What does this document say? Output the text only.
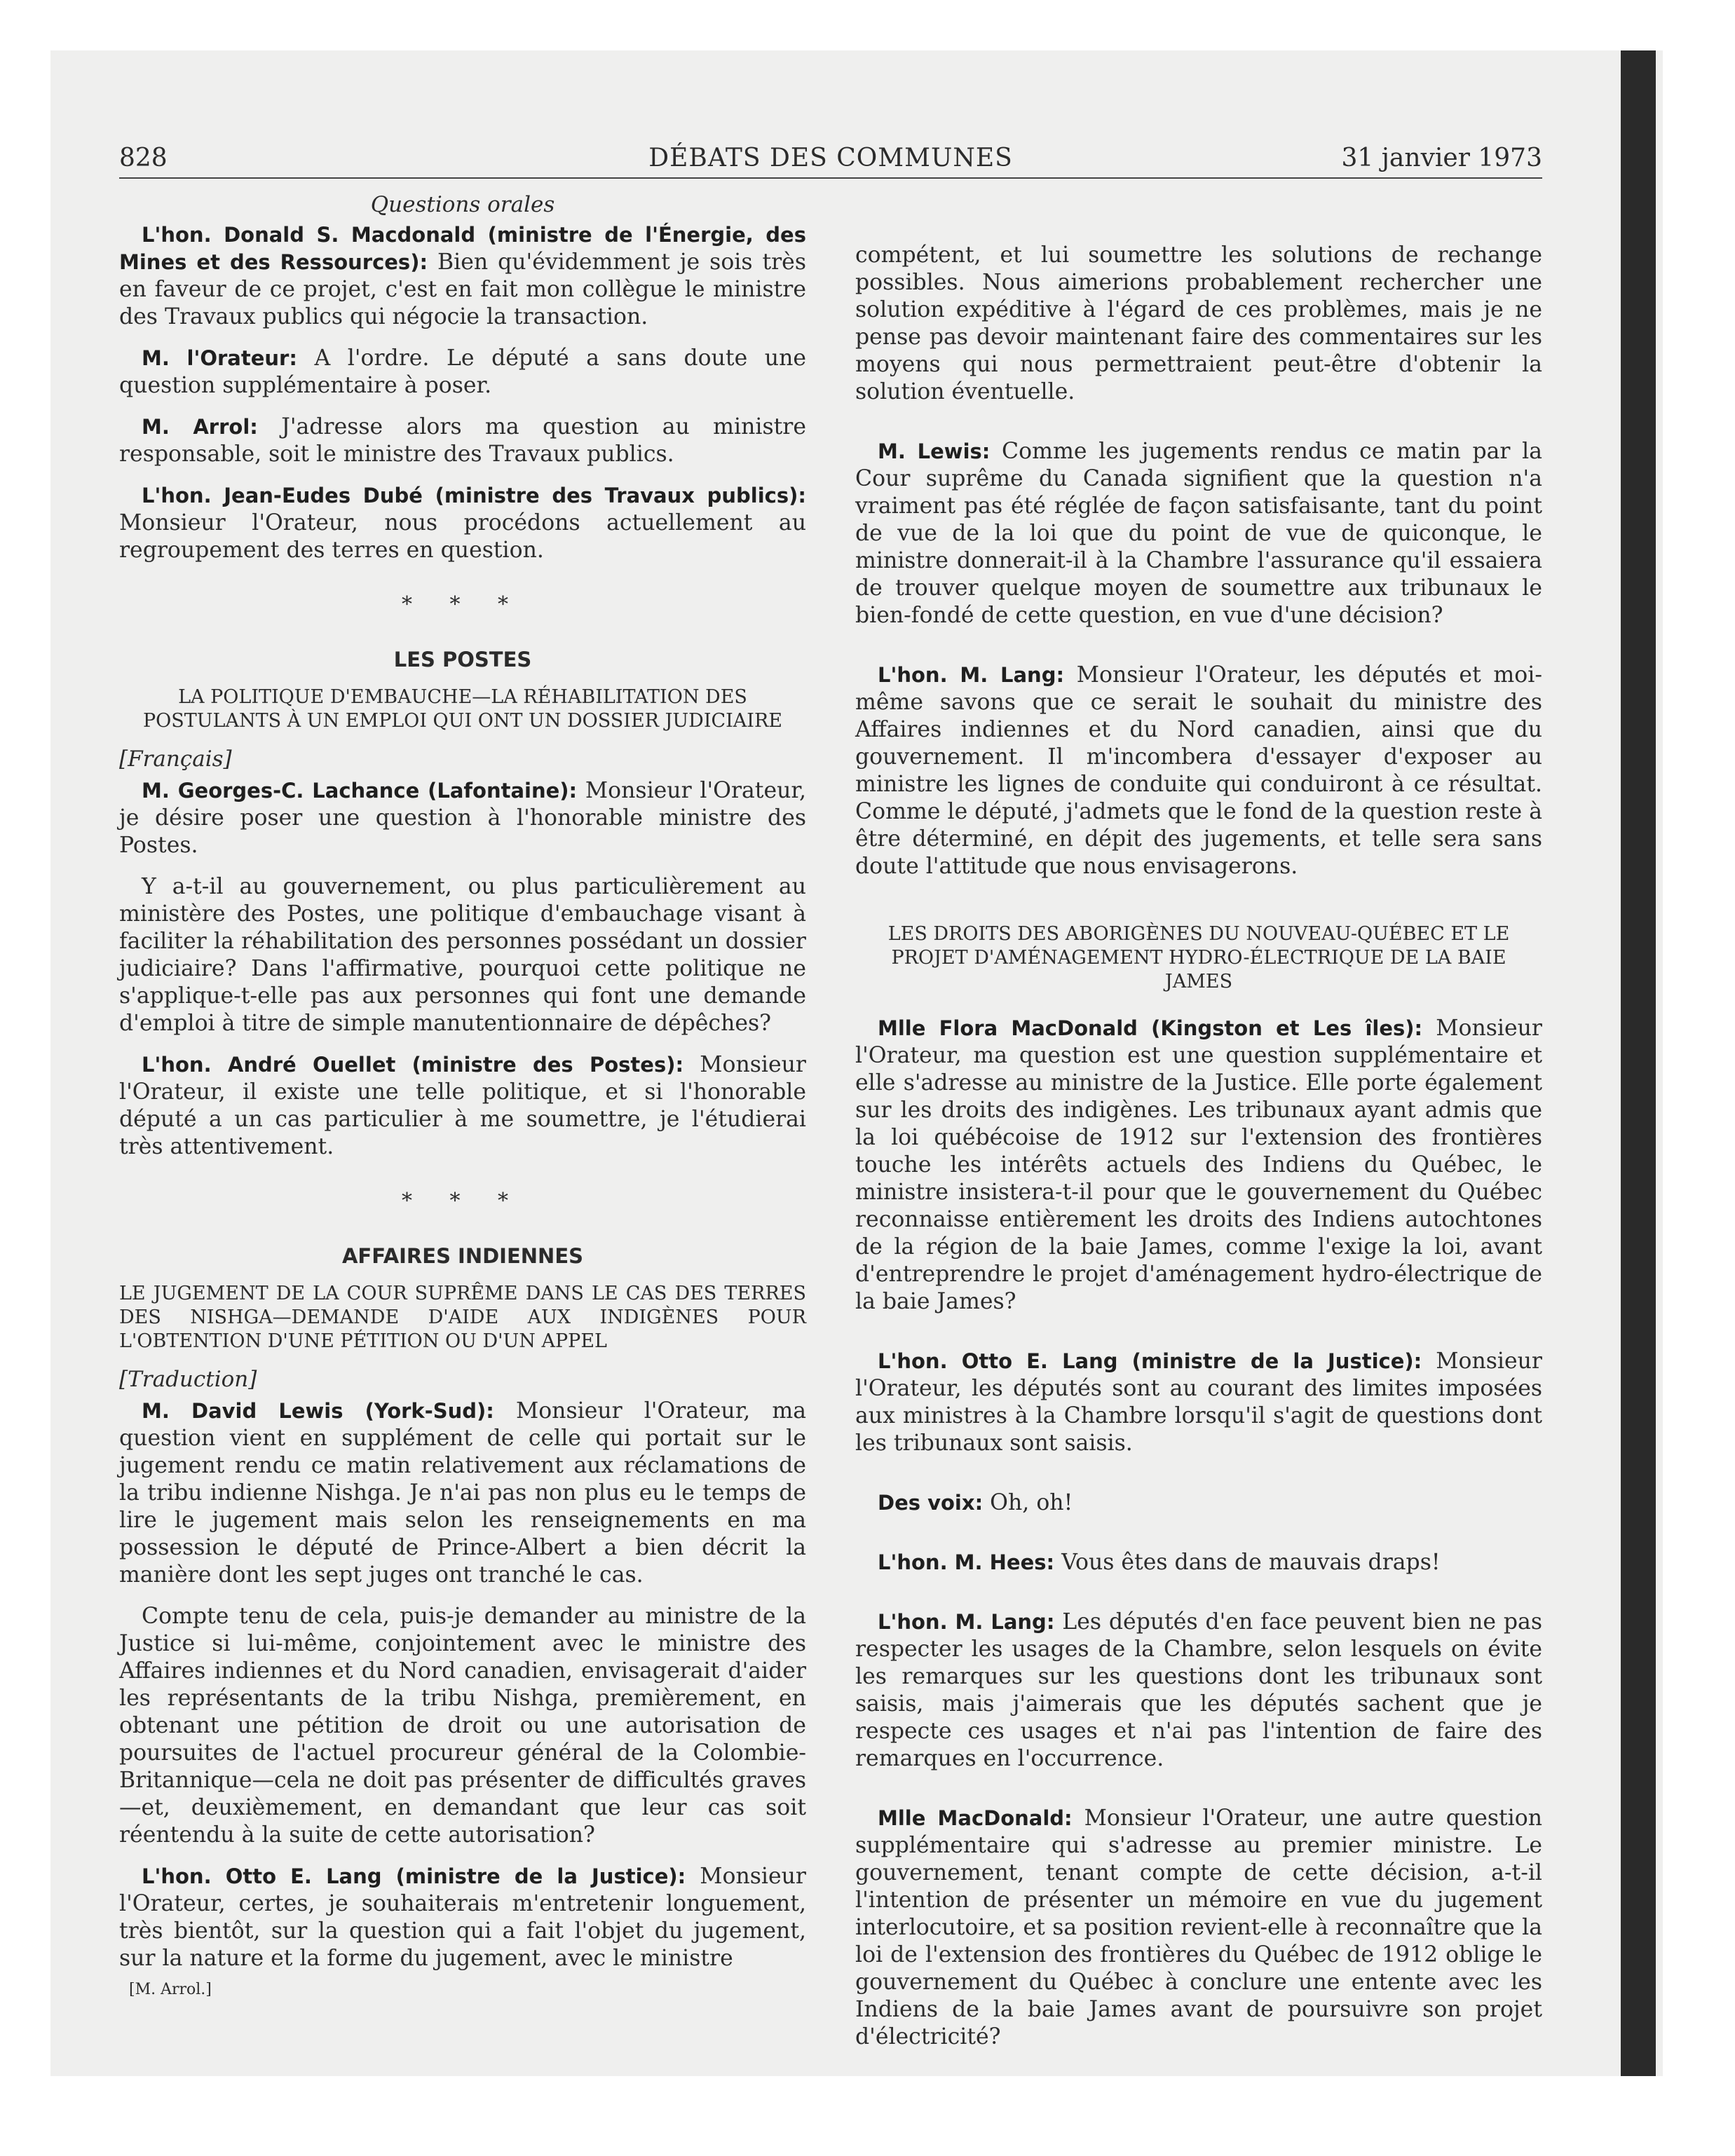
828	DÉBATS DES COMMUNES	31 janvier 1973
Questions orales

L'hon. Donald S. Macdonald (ministre de l'Énergie, des Mines et des Ressources): Bien qu'évidemment je sois très en faveur de ce projet, c'est en fait mon collègue le ministre des Travaux publics qui négocie la transaction.

M. l'Orateur: A l'ordre. Le député a sans doute une question supplémentaire à poser.

M. Arrol: J'adresse alors ma question au ministre responsable, soit le ministre des Travaux publics.

L'hon. Jean-Eudes Dubé (ministre des Travaux publics): Monsieur l'Orateur, nous procédons actuellement au regroupement des terres en question.

* * *
LES POSTES
LA POLITIQUE D'EMBAUCHE—LA RÉHABILITATION DES POSTULANTS À UN EMPLOI QUI ONT UN DOSSIER JUDICIAIRE
[Français]

M. Georges-C. Lachance (Lafontaine): Monsieur l'Orateur, je désire poser une question à l'honorable ministre des Postes.

Y a-t-il au gouvernement, ou plus particulièrement au ministère des Postes, une politique d'embauchage visant à faciliter la réhabilitation des personnes possédant un dossier judiciaire? Dans l'affirmative, pourquoi cette politique ne s'applique-t-elle pas aux personnes qui font une demande d'emploi à titre de simple manutentionnaire de dépêches?

L'hon. André Ouellet (ministre des Postes): Monsieur l'Orateur, il existe une telle politique, et si l'honorable député a un cas particulier à me soumettre, je l'étudierai très attentivement.

* * *
AFFAIRES INDIENNES
LE JUGEMENT DE LA COUR SUPRÊME DANS LE CAS DES TERRES DES NISHGA—DEMANDE D'AIDE AUX INDIGÈNES POUR L'OBTENTION D'UNE PÉTITION OU D'UN APPEL
[Traduction]

M. David Lewis (York-Sud): Monsieur l'Orateur, ma question vient en supplément de celle qui portait sur le jugement rendu ce matin relativement aux réclamations de la tribu indienne Nishga. Je n'ai pas non plus eu le temps de lire le jugement mais selon les renseignements en ma possession le député de Prince-Albert a bien décrit la manière dont les sept juges ont tranché le cas.

Compte tenu de cela, puis-je demander au ministre de la Justice si lui-même, conjointement avec le ministre des Affaires indiennes et du Nord canadien, envisagerait d'aider les représentants de la tribu Nishga, premièrement, en obtenant une pétition de droit ou une autorisation de poursuites de l'actuel procureur général de la Colombie-Britannique—cela ne doit pas présenter de difficultés graves—et, deuxièmement, en demandant que leur cas soit réentendu à la suite de cette autorisation?

L'hon. Otto E. Lang (ministre de la Justice): Monsieur l'Orateur, certes, je souhaiterais m'entretenir longuement, très bientôt, sur la question qui a fait l'objet du jugement, sur la nature et la forme du jugement, avec le ministre

[M. Arrol.]

compétent, et lui soumettre les solutions de rechange possibles. Nous aimerions probablement rechercher une solution expéditive à l'égard de ces problèmes, mais je ne pense pas devoir maintenant faire des commentaires sur les moyens qui nous permettraient peut-être d'obtenir la solution éventuelle.

M. Lewis: Comme les jugements rendus ce matin par la Cour suprême du Canada signifient que la question n'a vraiment pas été réglée de façon satisfaisante, tant du point de vue de la loi que du point de vue de quiconque, le ministre donnerait-il à la Chambre l'assurance qu'il essaiera de trouver quelque moyen de soumettre aux tribunaux le bien-fondé de cette question, en vue d'une décision?

L'hon. M. Lang: Monsieur l'Orateur, les députés et moi-même savons que ce serait le souhait du ministre des Affaires indiennes et du Nord canadien, ainsi que du gouvernement. Il m'incombera d'essayer d'exposer au ministre les lignes de conduite qui conduiront à ce résultat. Comme le député, j'admets que le fond de la question reste à être déterminé, en dépit des jugements, et telle sera sans doute l'attitude que nous envisagerons.

LES DROITS DES ABORIGÈNES DU NOUVEAU-QUÉBEC ET LE PROJET D'AMÉNAGEMENT HYDRO-ÉLECTRIQUE DE LA BAIE JAMES

Mlle Flora MacDonald (Kingston et Les îles): Monsieur l'Orateur, ma question est une question supplémentaire et elle s'adresse au ministre de la Justice. Elle porte également sur les droits des indigènes. Les tribunaux ayant admis que la loi québécoise de 1912 sur l'extension des frontières touche les intérêts actuels des Indiens du Québec, le ministre insistera-t-il pour que le gouvernement du Québec reconnaisse entièrement les droits des Indiens autochtones de la région de la baie James, comme l'exige la loi, avant d'entreprendre le projet d'aménagement hydro-électrique de la baie James?

L'hon. Otto E. Lang (ministre de la Justice): Monsieur l'Orateur, les députés sont au courant des limites imposées aux ministres à la Chambre lorsqu'il s'agit de questions dont les tribunaux sont saisis.

Des voix: Oh, oh!

L'hon. M. Hees: Vous êtes dans de mauvais draps!

L'hon. M. Lang: Les députés d'en face peuvent bien ne pas respecter les usages de la Chambre, selon lesquels on évite les remarques sur les questions dont les tribunaux sont saisis, mais j'aimerais que les députés sachent que je respecte ces usages et n'ai pas l'intention de faire des remarques en l'occurrence.

Mlle MacDonald: Monsieur l'Orateur, une autre question supplémentaire qui s'adresse au premier ministre. Le gouvernement, tenant compte de cette décision, a-t-il l'intention de présenter un mémoire en vue du jugement interlocutoire, et sa position revient-elle à reconnaître que la loi de l'extension des frontières du Québec de 1912 oblige le gouvernement du Québec à conclure une entente avec les Indiens de la baie James avant de poursuivre son projet d'électricité?
